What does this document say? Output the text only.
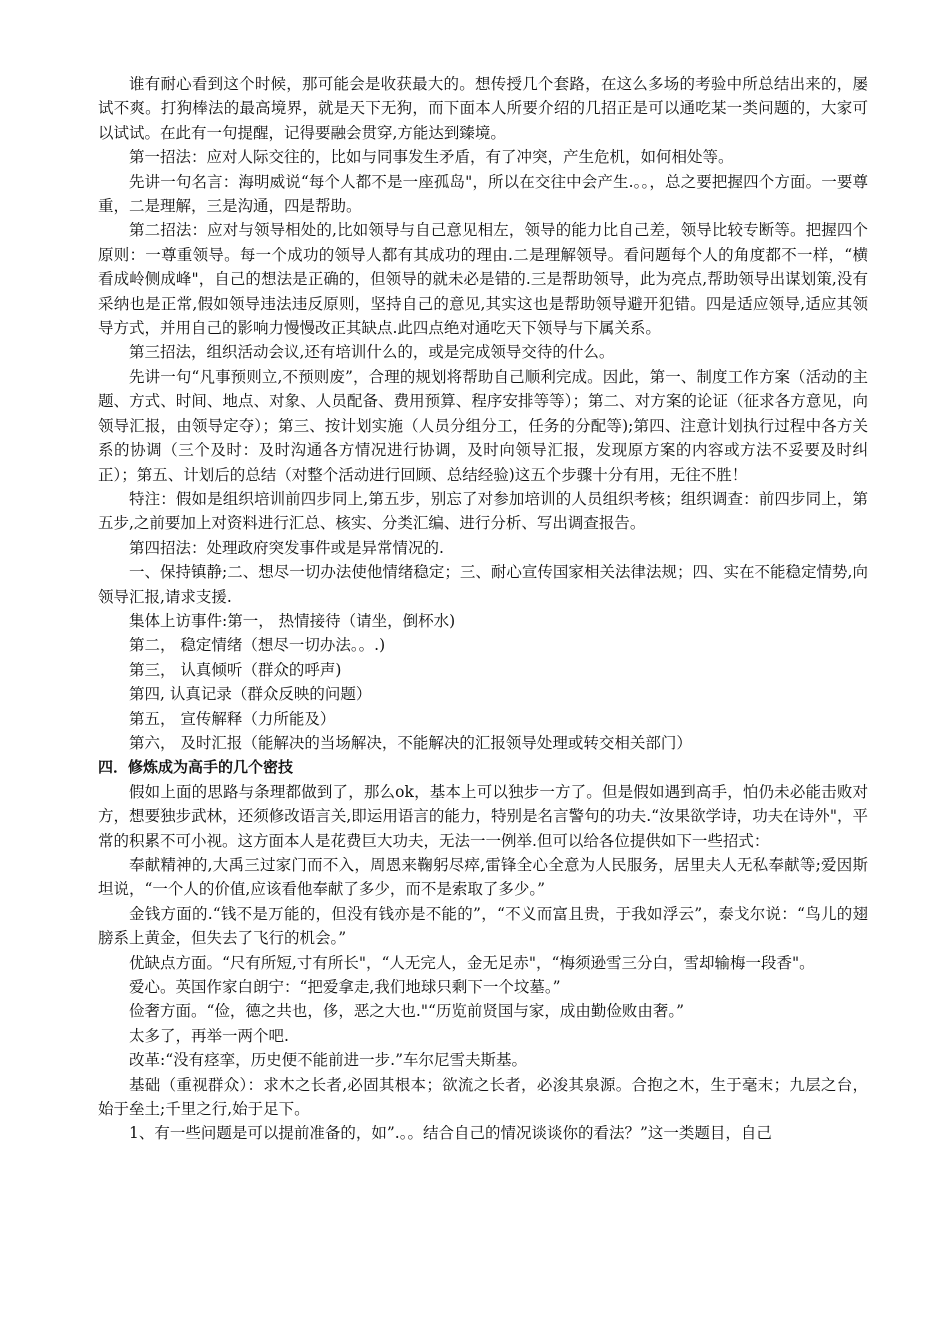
谁有耐心看到这个时候，那可能会是收获最大的。想传授几个套路，在这么多场的考验中所总结出来的，屡试不爽。打狗棒法的最高境界，就是天下无狗，而下面本人所要介绍的几招正是可以通吃某一类问题的，大家可以试试。在此有一句提醒，记得要融会贯穿,方能达到臻境。

第一招法：应对人际交往的，比如与同事发生矛盾，有了冲突，产生危机，如何相处等。

先讲一句名言：海明威说“每个人都不是一座孤岛"，所以在交往中会产生.。。，总之要把握四个方面。一要尊重，二是理解，三是沟通，四是帮助。

第二招法：应对与领导相处的,比如领导与自己意见相左，领导的能力比自己差，领导比较专断等。把握四个原则：一尊重领导。每一个成功的领导人都有其成功的理由.二是理解领导。看问题每个人的角度都不一样，“横看成岭侧成峰"，自己的想法是正确的，但领导的就未必是错的.三是帮助领导，此为亮点,帮助领导出谋划策,没有采纳也是正常,假如领导违法违反原则，坚持自己的意见,其实这也是帮助领导避开犯错。四是适应领导,适应其领导方式，并用自己的影响力慢慢改正其缺点.此四点绝对通吃天下领导与下属关系。

第三招法，组织活动会议,还有培训什么的，或是完成领导交待的什么。

先讲一句“凡事预则立,不预则废”，合理的规划将帮助自己顺利完成。因此，第一、制度工作方案（活动的主题、方式、时间、地点、对象、人员配备、费用预算、程序安排等等）；第二、对方案的论证（征求各方意见，向领导汇报，由领导定夺）；第三、按计划实施（人员分组分工，任务的分配等);第四、注意计划执行过程中各方关系的协调（三个及时：及时沟通各方情况进行协调，及时向领导汇报，发现原方案的内容或方法不妥要及时纠正）；第五、计划后的总结（对整个活动进行回顾、总结经验)这五个步骤十分有用，无往不胜！

特注：假如是组织培训前四步同上,第五步，别忘了对参加培训的人员组织考核；组织调查：前四步同上，第五步,之前要加上对资料进行汇总、核实、分类汇编、进行分析、写出调查报告。

第四招法：处理政府突发事件或是异常情况的.

一、保持镇静;二、想尽一切办法使他情绪稳定；三、耐心宣传国家相关法律法规；四、实在不能稳定情势,向领导汇报,请求支援.

集体上访事件:第一， 热情接待（请坐，倒杯水)

第二， 稳定情绪（想尽一切办法。。.)

第三， 认真倾听（群众的呼声)

第四, 认真记录（群众反映的问题）

第五， 宣传解释（力所能及）

第六， 及时汇报（能解决的当场解决，不能解决的汇报领导处理或转交相关部门）

四．修炼成为高手的几个密技

假如上面的思路与条理都做到了，那么ok，基本上可以独步一方了。但是假如遇到高手，怕仍未必能击败对方，想要独步武林，还须修改语言关,即运用语言的能力，特别是名言警句的功夫.“汝果欲学诗，功夫在诗外"，平常的积累不可小视。这方面本人是花费巨大功夫，无法一一例举.但可以给各位提供如下一些招式：

奉献精神的,大禹三过家门而不入，周恩来鞠躬尽瘁,雷锋全心全意为人民服务，居里夫人无私奉献等;爱因斯坦说，“一个人的价值,应该看他奉献了多少，而不是索取了多少。”

金钱方面的.“钱不是万能的，但没有钱亦是不能的”，“不义而富且贵，于我如浮云”，泰戈尔说：“鸟儿的翅膀系上黄金，但失去了飞行的机会。”

优缺点方面。“尺有所短,寸有所长"，“人无完人，金无足赤"，“梅须逊雪三分白，雪却输梅一段香"。

爱心。英国作家白朗宁：“把爱拿走,我们地球只剩下一个坟墓。”

俭奢方面。“俭，德之共也，侈，恶之大也."“历览前贤国与家，成由勤俭败由奢。”

太多了，再举一两个吧.

改革:“没有痉挛，历史便不能前进一步.”车尔尼雪夫斯基。

基础（重视群众）：求木之长者,必固其根本；欲流之长者，必浚其泉源。合抱之木，生于毫末；九层之台，始于垒土;千里之行,始于足下。

1、有一些问题是可以提前准备的，如”.。。结合自己的情况谈谈你的看法？”这一类题目，自己
